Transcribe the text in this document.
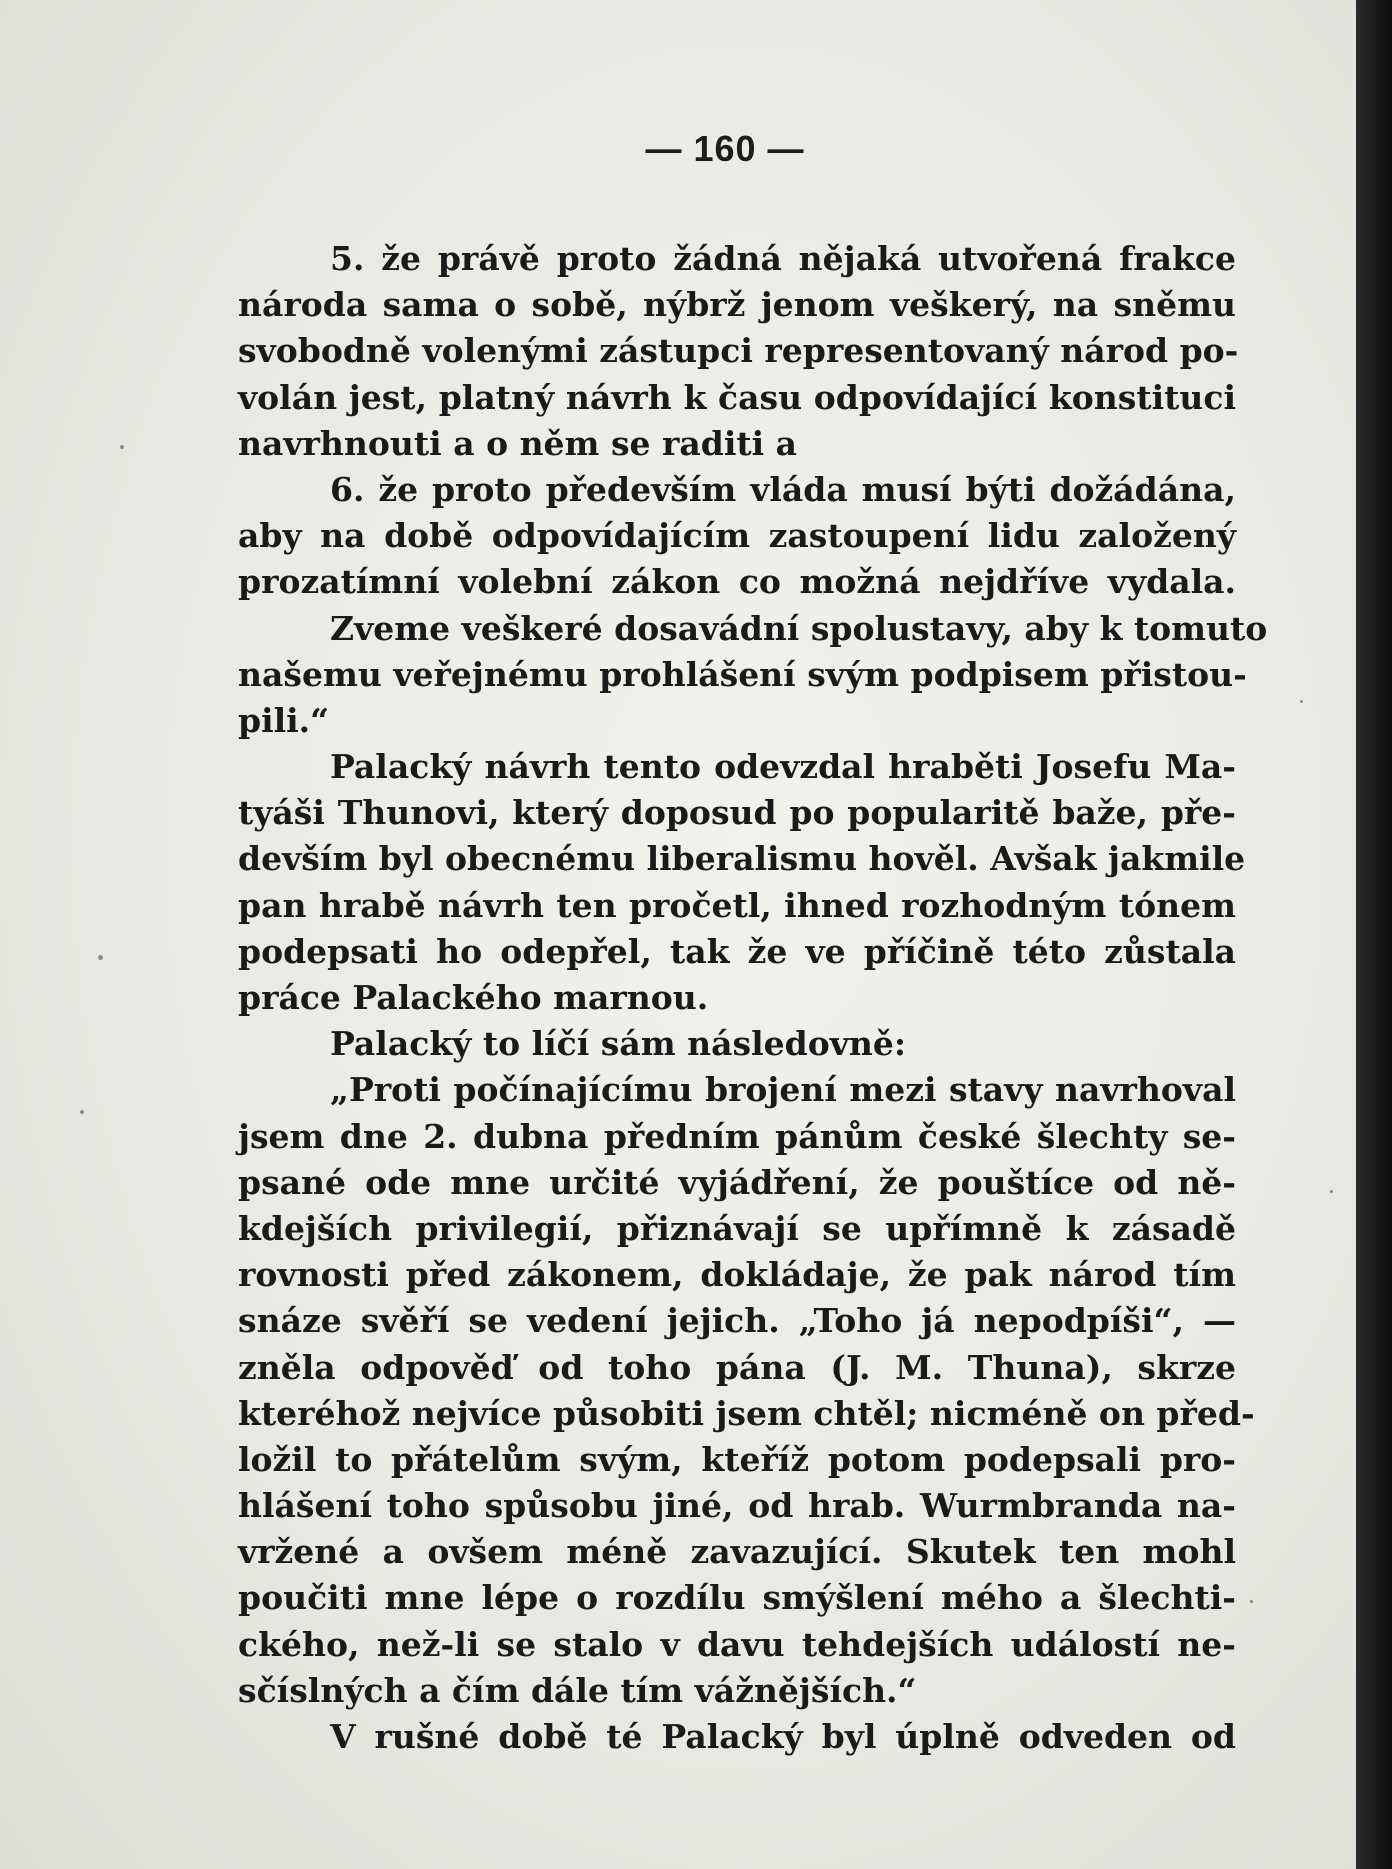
— 160 —
5. že právě proto žádná nějaká utvořená frakce
národa sama o sobě, nýbrž jenom veškerý, na sněmu
svobodně volenými zástupci representovaný národ po-
volán jest, platný návrh k času odpovídající konstituci
navrhnouti a o něm se raditi a
6. že proto především vláda musí býti dožádána,
aby na době odpovídajícím zastoupení lidu založený
prozatímní volební zákon co možná nejdříve vydala.
Zveme veškeré dosavádní spolustavy, aby k tomuto
našemu veřejnému prohlášení svým podpisem přistou-
pili.“
Palacký návrh tento odevzdal hraběti Josefu Ma-
tyáši Thunovi, který doposud po popularitě baže, pře-
devším byl obecnému liberalismu hověl. Avšak jakmile
pan hrabě návrh ten pročetl, ihned rozhodným tónem
podepsati ho odepřel, tak že ve příčině této zůstala
práce Palackého marnou.
Palacký to líčí sám následovně:
„Proti počínajícímu brojení mezi stavy navrhoval
jsem dne 2. dubna předním pánům české šlechty se-
psané ode mne určité vyjádření, že pouštíce od ně-
kdejších privilegií, přiznávají se upřímně k zásadě
rovnosti před zákonem, dokládaje, že pak národ tím
snáze svěří se vedení jejich. „Toho já nepodpíši“, —
zněla odpověď od toho pána (J. M. Thuna), skrze
kteréhož nejvíce působiti jsem chtěl; nicméně on před-
ložil to přátelům svým, kteříž potom podepsali pro-
hlášení toho spůsobu jiné, od hrab. Wurmbranda na-
vržené a ovšem méně zavazující. Skutek ten mohl
poučiti mne lépe o rozdílu smýšlení mého a šlechti-
ckého, než-li se stalo v davu tehdejších událostí ne-
sčíslných a čím dále tím vážnějších.“
V rušné době té Palacký byl úplně odveden od
